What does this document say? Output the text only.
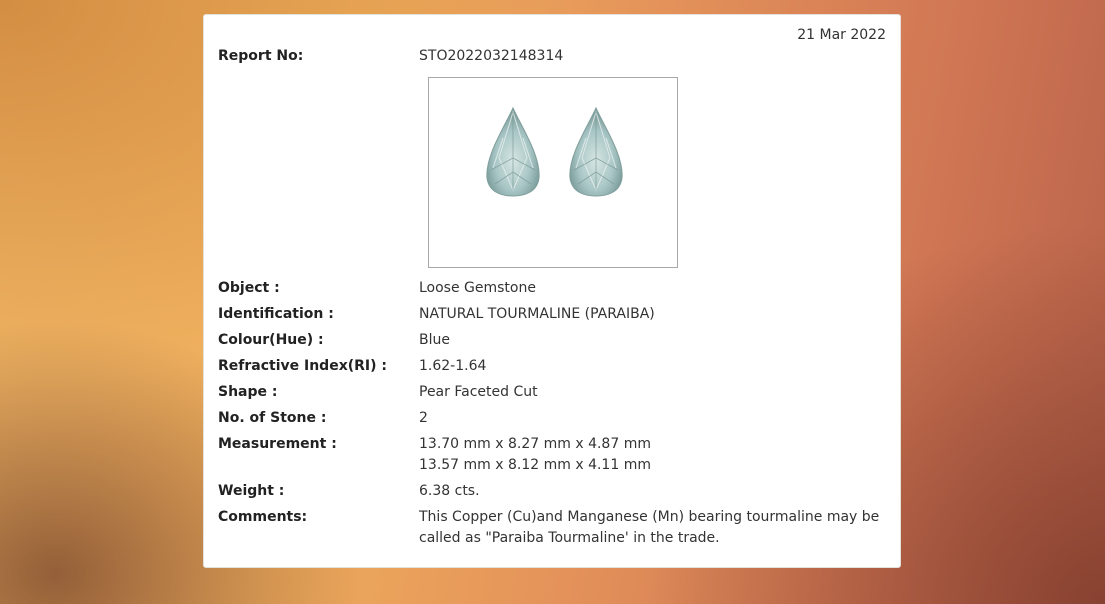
21 Mar 2022
Report No:	STO2022032148314
Object :	Loose Gemstone
Identification :	NATURAL TOURMALINE (PARAIBA)
Colour(Hue) :	Blue
Refractive Index(RI) : 1.62-1.64
Shape :	Pear Faceted Cut
No. of Stone :	2
Measurement :	13.70 mm x 8.27 mm x 4.87 mm
13.57 mm x 8.12 mm x 4.11 mm
Weight :	6.38 cts.
Comments:	This Copper (Cu)and Manganese (Mn) bearing tourmaline may be called as "Paraiba Tourmaline' in the trade.
